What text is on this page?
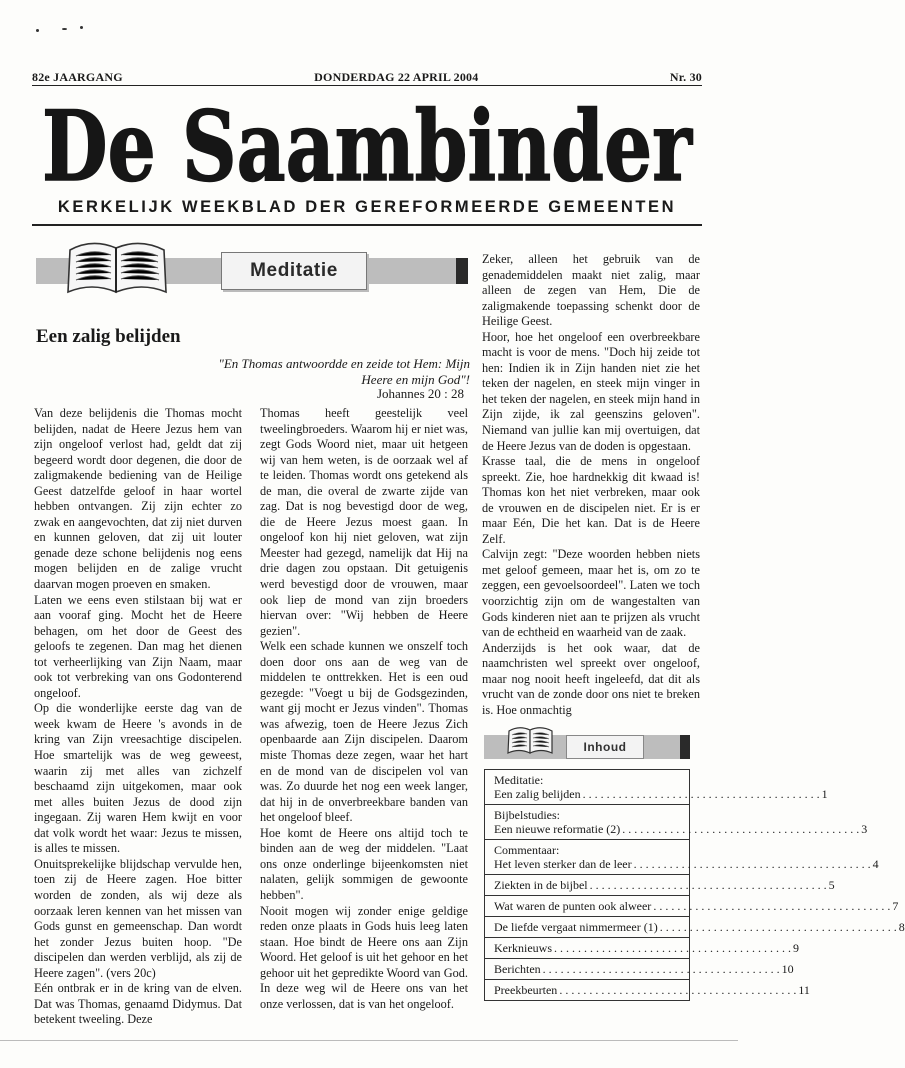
82e JAARGANG	DONDERDAG 22 APRIL 2004	Nr. 30
De Saambinder
KERKELIJK WEEKBLAD DER GEREFORMEERDE GEMEENTEN
Meditatie
Een zalig belijden
"En Thomas antwoordde en zeide tot Hem: Mijn Heere en mijn God"!
Johannes 20 : 28
Van deze belijdenis die Thomas mocht belijden, nadat de Heere Jezus hem van zijn ongeloof verlost had, geldt dat zij begeerd wordt door degenen, die door de zaligmakende bediening van de Heilige Geest datzelfde geloof in haar wortel hebben ontvangen. Zij zijn echter zo zwak en aangevochten, dat zij niet durven en kunnen geloven, dat zij uit louter genade deze schone belijdenis nog eens mogen belijden en de zalige vrucht daarvan mogen proeven en smaken.
Laten we eens even stilstaan bij wat er aan vooraf ging. Mocht het de Heere behagen, om het door de Geest des geloofs te zegenen. Dan mag het dienen tot verheerlijking van Zijn Naam, maar ook tot verbreking van ons Godonterend ongeloof.
Op die wonderlijke eerste dag van de week kwam de Heere 's avonds in de kring van Zijn vreesachtige discipelen. Hoe smartelijk was de weg geweest, waarin zij met alles van zichzelf beschaamd zijn uitgekomen, maar ook met alles buiten Jezus de dood zijn ingegaan. Zij waren Hem kwijt en voor dat volk wordt het waar: Jezus te missen, is alles te missen.
Onuitsprekelijke blijdschap vervulde hen, toen zij de Heere zagen. Hoe bitter worden de zonden, als wij deze als oorzaak leren kennen van het missen van Gods gunst en gemeenschap. Dan wordt het zonder Jezus buiten hoop. "De discipelen dan werden verblijd, als zij de Heere zagen". (vers 20c)
Eén ontbrak er in de kring van de elven. Dat was Thomas, genaamd Didymus. Dat betekent tweeling. Deze
Thomas heeft geestelijk veel tweelingbroeders. Waarom hij er niet was, zegt Gods Woord niet, maar uit hetgeen wij van hem weten, is de oorzaak wel af te leiden. Thomas wordt ons getekend als de man, die overal de zwarte zijde van zag. Dat is nog bevestigd door de weg, die de Heere Jezus moest gaan. In ongeloof kon hij niet geloven, wat zijn Meester had gezegd, namelijk dat Hij na drie dagen zou opstaan. Dit getuigenis werd bevestigd door de vrouwen, maar ook liep de mond van zijn broeders hiervan over: "Wij hebben de Heere gezien".
Welk een schade kunnen we onszelf toch doen door ons aan de weg van de middelen te onttrekken. Het is een oud gezegde: "Voegt u bij de Godsgezinden, want gij mocht er Jezus vinden". Thomas was afwezig, toen de Heere Jezus Zich openbaarde aan Zijn discipelen. Daarom miste Thomas deze zegen, waar het hart en de mond van de discipelen vol van was. Zo duurde het nog een week langer, dat hij in de onverbreekbare banden van het ongeloof bleef.
Hoe komt de Heere ons altijd toch te binden aan de weg der middelen. "Laat ons onze onderlinge bijeenkomsten niet nalaten, gelijk sommigen de gewoonte hebben".
Nooit mogen wij zonder enige geldige reden onze plaats in Gods huis leeg laten staan. Hoe bindt de Heere ons aan Zijn Woord. Het geloof is uit het gehoor en het gehoor uit het gepredikte Woord van God. In deze weg wil de Heere ons van het onze verlossen, dat is van het ongeloof.
Zeker, alleen het gebruik van de genademiddelen maakt niet zalig, maar alleen de zegen van Hem, Die de zaligmakende toepassing schenkt door de Heilige Geest.
Hoor, hoe het ongeloof een overbreekbare macht is voor de mens. "Doch hij zeide tot hen: Indien ik in Zijn handen niet zie het teken der nagelen, en steek mijn vinger in het teken der nagelen, en steek mijn hand in Zijn zijde, ik zal geenszins geloven". Niemand van jullie kan mij overtuigen, dat de Heere Jezus van de doden is opgestaan.
Krasse taal, die de mens in ongeloof spreekt. Zie, hoe hardnekkig dit kwaad is! Thomas kon het niet verbreken, maar ook de vrouwen en de discipelen niet. Er is er maar Eén, Die het kan. Dat is de Heere Zelf.
Calvijn zegt: "Deze woorden hebben niets met geloof gemeen, maar het is, om zo te zeggen, een gevoelsoordeel". Laten we toch voorzichtig zijn om de wangestalten van Gods kinderen niet aan te prijzen als vrucht van de echtheid en waarheid van de zaak.
Anderzijds is het ook waar, dat de naamchristen wel spreekt over ongeloof, maar nog nooit heeft ingeleefd, dat dit als vrucht van de zonde door ons niet te breken is. Hoe onmachtig
Inhoud
Meditatie:
Een zalig belijden . . .	1
Bijbelstudies:
Een nieuwe reformatie (2) . . .	3
Commentaar:
Het leven sterker dan de leer . . .	4
Ziekten in de bijbel . . .	5
Wat waren de punten ook alweer . . .	7
De liefde vergaat nimmermeer (1) . . .	8
Kerknieuws . . .	9
Berichten . . .	10
Preekbeurten . . .	11
